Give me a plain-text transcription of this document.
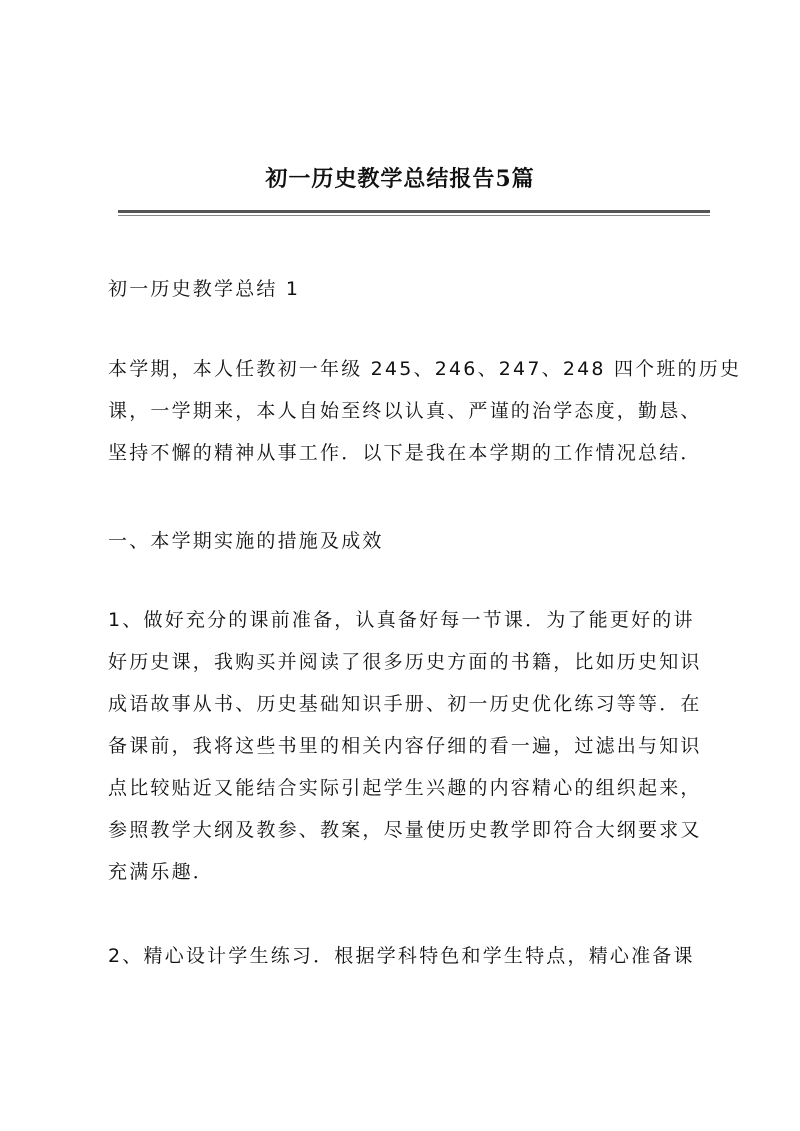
初一历史教学总结报告5篇

初一历史教学总结 1

本学期，本人任教初一年级 245、246、247、248 四个班的历史
课，一学期来，本人自始至终以认真、严谨的治学态度，勤恳、
坚持不懈的精神从事工作．以下是我在本学期的工作情况总结．

一、本学期实施的措施及成效

1、做好充分的课前准备，认真备好每一节课．为了能更好的讲
好历史课，我购买并阅读了很多历史方面的书籍，比如历史知识
成语故事从书、历史基础知识手册、初一历史优化练习等等．在
备课前，我将这些书里的相关内容仔细的看一遍，过滤出与知识
点比较贴近又能结合实际引起学生兴趣的内容精心的组织起来，
参照教学大纲及教参、教案，尽量使历史教学即符合大纲要求又
充满乐趣．

2、精心设计学生练习．根据学科特色和学生特点，精心准备课
